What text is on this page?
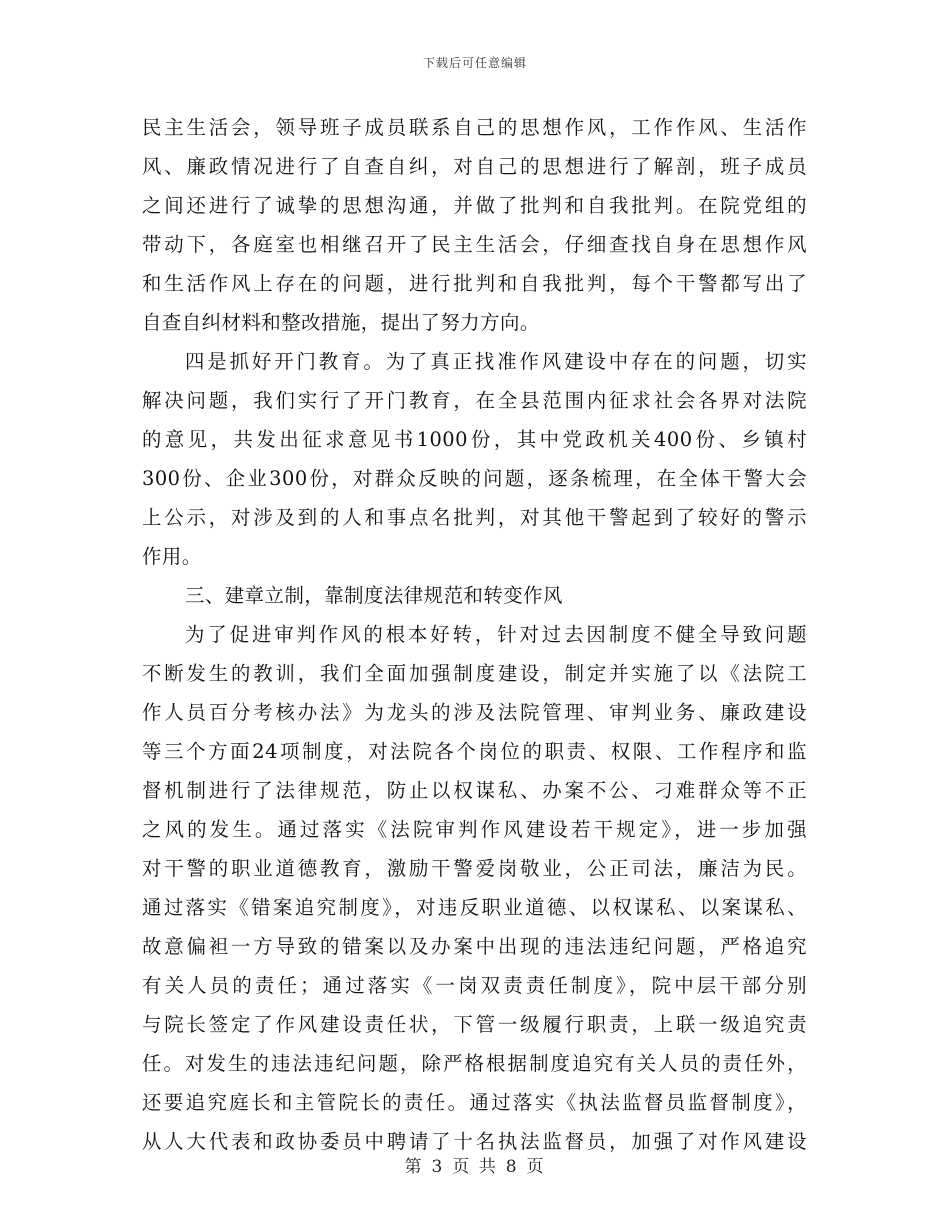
下载后可任意编辑
民主生活会，领导班子成员联系自己的思想作风，工作作风、生活作
风、廉政情况进行了自查自纠，对自己的思想进行了解剖，班子成员
之间还进行了诚挚的思想沟通，并做了批判和自我批判。在院党组的
带动下，各庭室也相继召开了民主生活会，仔细查找自身在思想作风
和生活作风上存在的问题，进行批判和自我批判，每个干警都写出了
自查自纠材料和整改措施，提出了努力方向。
四是抓好开门教育。为了真正找准作风建设中存在的问题，切实
解决问题，我们实行了开门教育，在全县范围内征求社会各界对法院
的意见，共发出征求意见书1000份，其中党政机关400份、乡镇村
300份、企业300份，对群众反映的问题，逐条梳理，在全体干警大会
上公示，对涉及到的人和事点名批判，对其他干警起到了较好的警示
作用。
三、建章立制，靠制度法律规范和转变作风
为了促进审判作风的根本好转，针对过去因制度不健全导致问题
不断发生的教训，我们全面加强制度建设，制定并实施了以《法院工
作人员百分考核办法》为龙头的涉及法院管理、审判业务、廉政建设
等三个方面24项制度，对法院各个岗位的职责、权限、工作程序和监
督机制进行了法律规范，防止以权谋私、办案不公、刁难群众等不正
之风的发生。通过落实《法院审判作风建设若干规定》，进一步加强
对干警的职业道德教育，激励干警爱岗敬业，公正司法，廉洁为民。
通过落实《错案追究制度》，对违反职业道德、以权谋私、以案谋私、
故意偏袒一方导致的错案以及办案中出现的违法违纪问题，严格追究
有关人员的责任；通过落实《一岗双责责任制度》，院中层干部分别
与院长签定了作风建设责任状，下管一级履行职责，上联一级追究责
任。对发生的违法违纪问题，除严格根据制度追究有关人员的责任外，
还要追究庭长和主管院长的责任。通过落实《执法监督员监督制度》，
从人大代表和政协委员中聘请了十名执法监督员，加强了对作风建设
第 3 页 共 8 页
